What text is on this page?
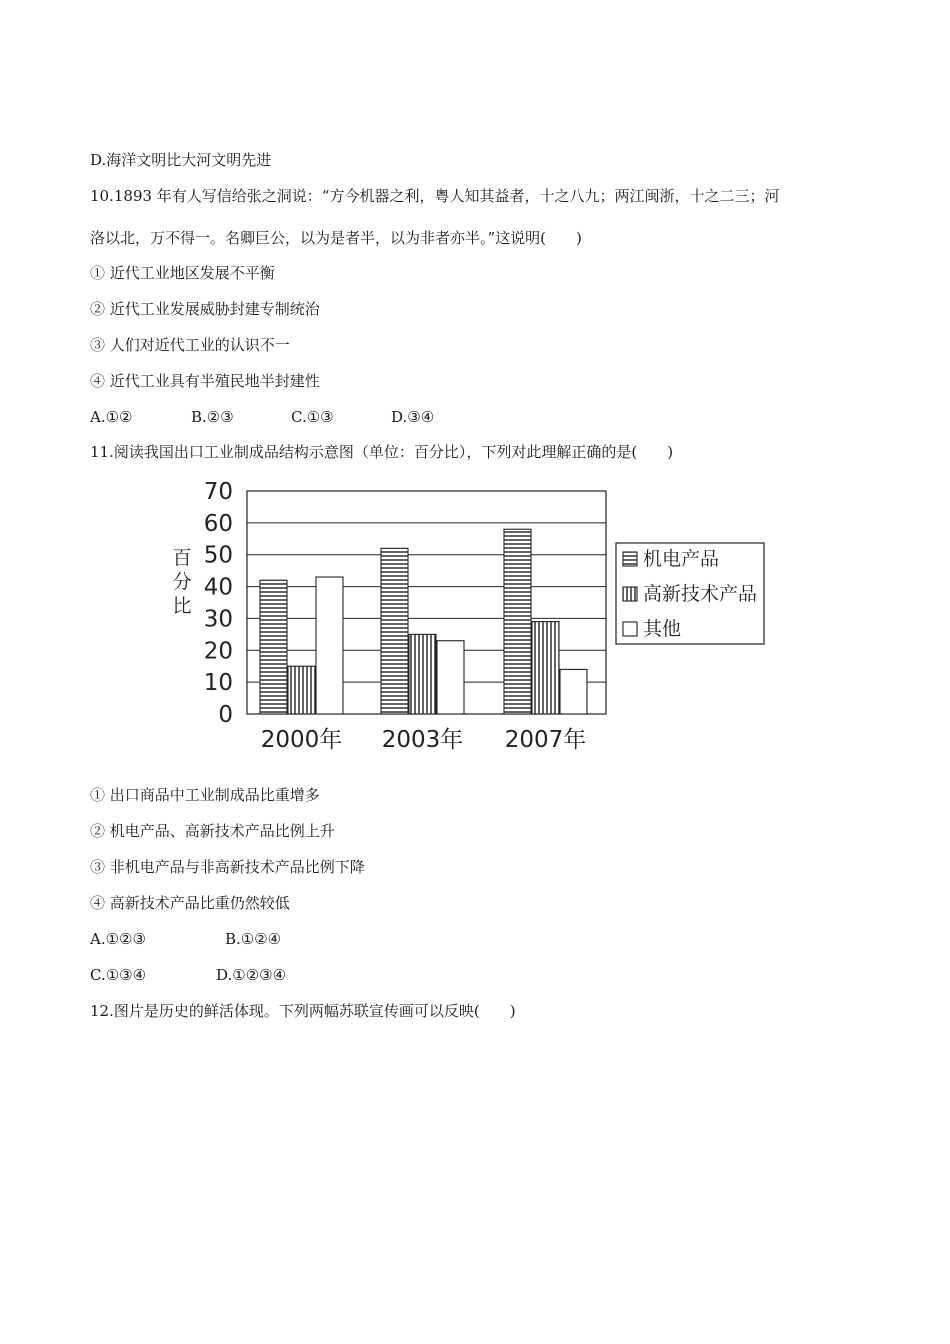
D.海洋文明比大河文明先进
10.1893 年有人写信给张之洞说：“方今机器之利，粤人知其益者，十之八九；两江闽浙，十之二三；河
洛以北，万不得一。名卿巨公，以为是者半，以为非者亦半。”这说明(　　)
① 近代工业地区发展不平衡
② 近代工业发展威胁封建专制统治
③ 人们对近代工业的认识不一
④ 近代工业具有半殖民地半封建性
A.①②	B.②③	C.①③	D.③④
11.阅读我国出口工业制成品结构示意图（单位：百分比），下列对此理解正确的是(　　)
0
10
20
30
40
50
60
70
2000年 2003年 2007年
百
分
比
机电产品
高新技术产品
其他
① 出口商品中工业制成品比重增多
② 机电产品、高新技术产品比例上升
③ 非机电产品与非高新技术产品比例下降
④ 高新技术产品比重仍然较低
A.①②③	B.①②④
C.①③④	D.①②③④
12.图片是历史的鲜活体现。下列两幅苏联宣传画可以反映(　　)
